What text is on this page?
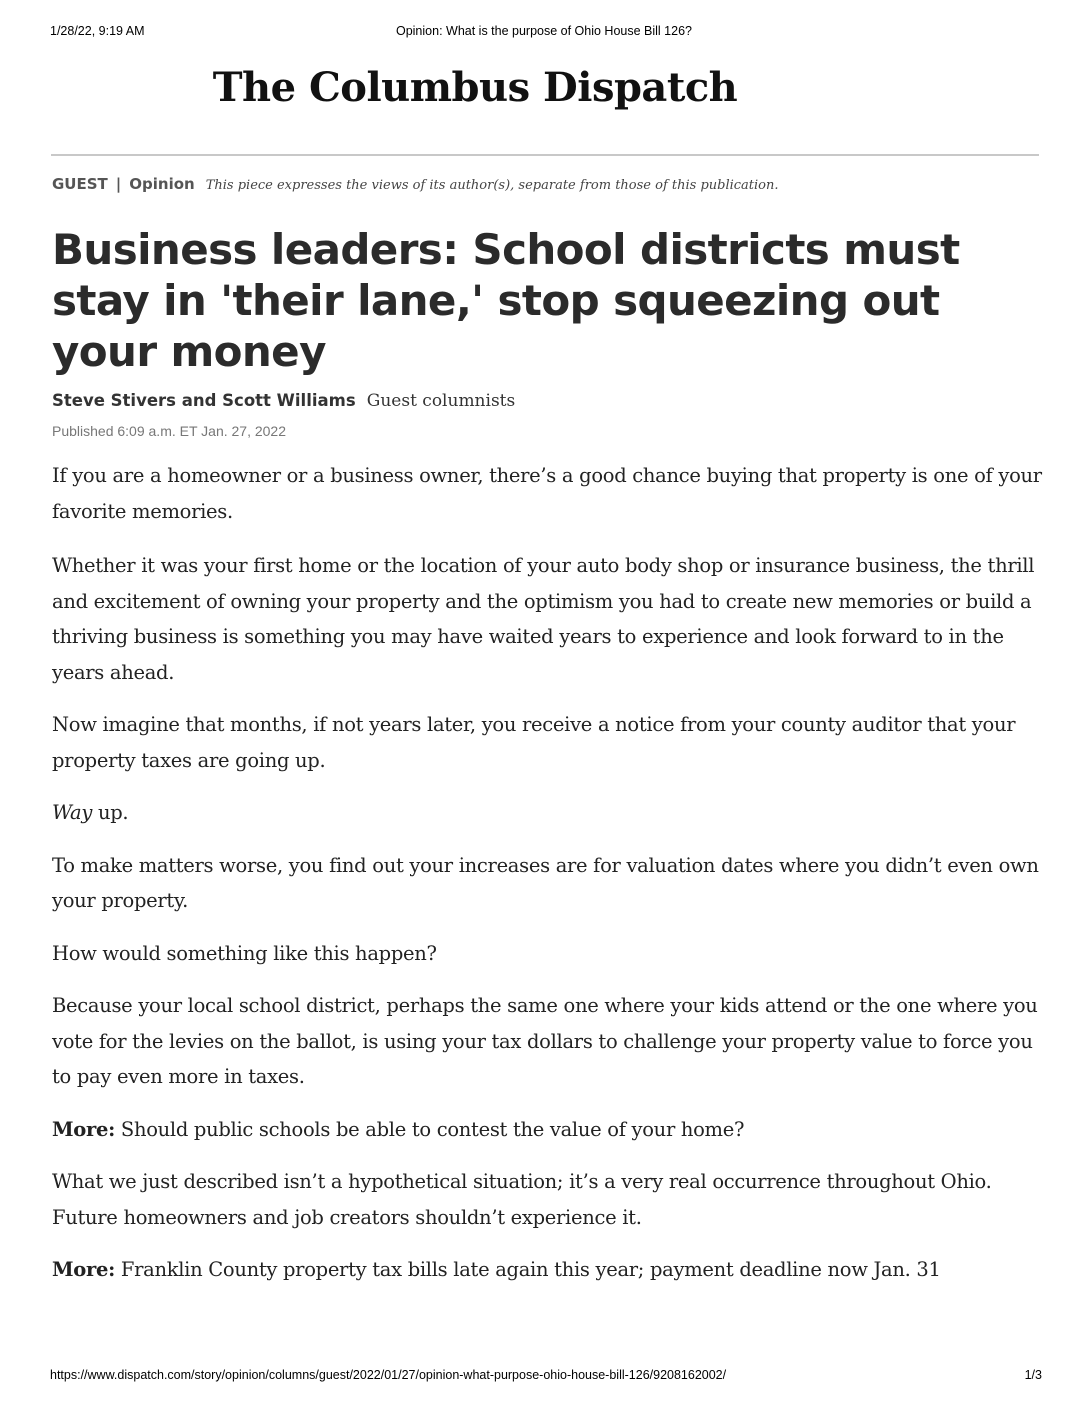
1/28/22, 9:19 AM	Opinion: What is the purpose of Ohio House Bill 126?
The Columbus Dispatch
GUEST | Opinion This piece expresses the views of its author(s), separate from those of this publication.
Business leaders: School districts must stay in 'their lane,' stop squeezing out your money
Steve Stivers and Scott Williams Guest columnists
Published 6:09 a.m. ET Jan. 27, 2022

If you are a homeowner or a business owner, there’s a good chance buying that property is one of your favorite memories.

Whether it was your first home or the location of your auto body shop or insurance business, the thrill and excitement of owning your property and the optimism you had to create new memories or build a thriving business is something you may have waited years to experience and look forward to in the years ahead.

Now imagine that months, if not years later, you receive a notice from your county auditor that your property taxes are going up.

Way up.

To make matters worse, you find out your increases are for valuation dates where you didn’t even own your property.

How would something like this happen?

Because your local school district, perhaps the same one where your kids attend or the one where you vote for the levies on the ballot, is using your tax dollars to challenge your property value to force you to pay even more in taxes.

More: Should public schools be able to contest the value of your home?

What we just described isn’t a hypothetical situation; it’s a very real occurrence throughout Ohio. Future homeowners and job creators shouldn’t experience it.

More: Franklin County property tax bills late again this year; payment deadline now Jan. 31

https://www.dispatch.com/story/opinion/columns/guest/2022/01/27/opinion-what-purpose-ohio-house-bill-126/9208162002/	1/3
